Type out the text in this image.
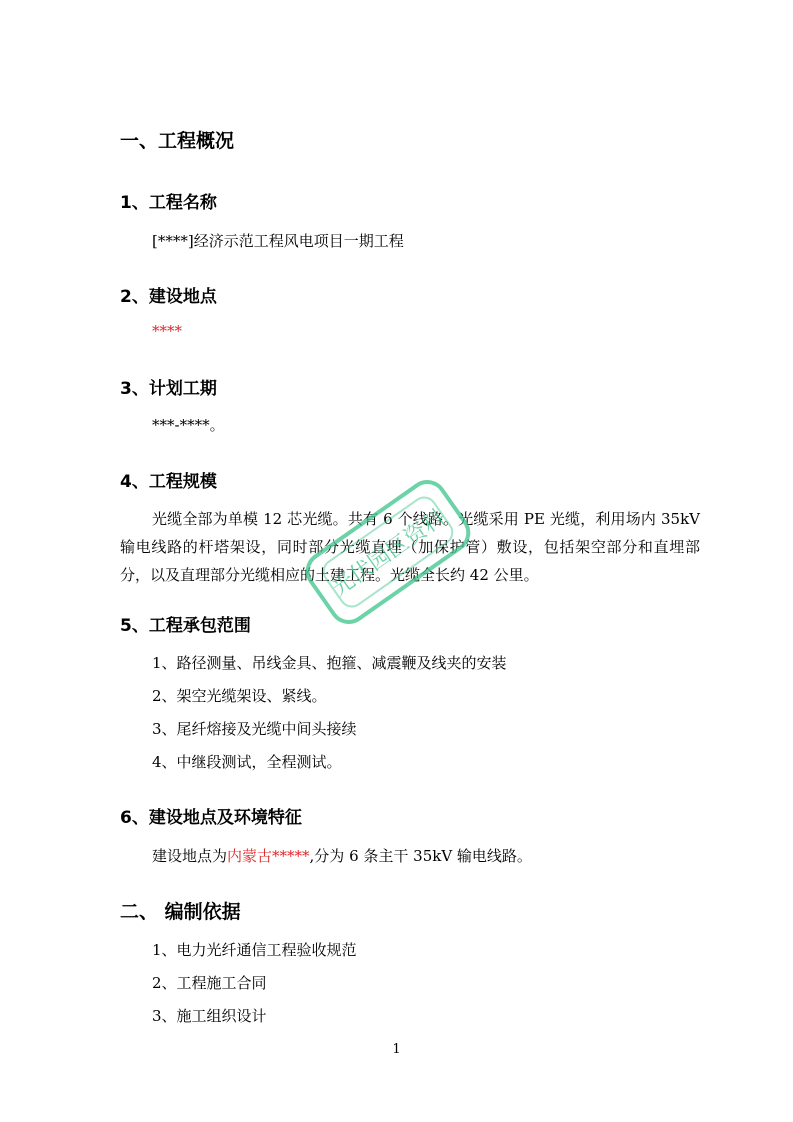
一、工程概况
1、工程名称
[****]经济示范工程风电项目一期工程
2、建设地点
****
3、计划工期
***-****。
4、工程规模
光缆全部为单模 12 芯光缆。共有 6 个线路。光缆采用 PE 光缆，利用场内 35kV 输电线路的杆塔架设，同时部分光缆直埋（加保护管）敷设，包括架空部分和直埋部分，以及直理部分光缆相应的土建工程。光缆全长约 42 公里。
5、工程承包范围
1、路径测量、吊线金具、抱箍、减震鞭及线夹的安装
2、架空光缆架设、紧线。
3、尾纤熔接及光缆中间头接续
4、中继段测试，全程测试。
6、建设地点及环境特征
建设地点为内蒙古*****,分为 6 条主干 35kV 输电线路。
二、 编制依据
1、电力光纤通信工程验收规范
2、工程施工合同
3、施工组织设计
光伏园区资料
1
